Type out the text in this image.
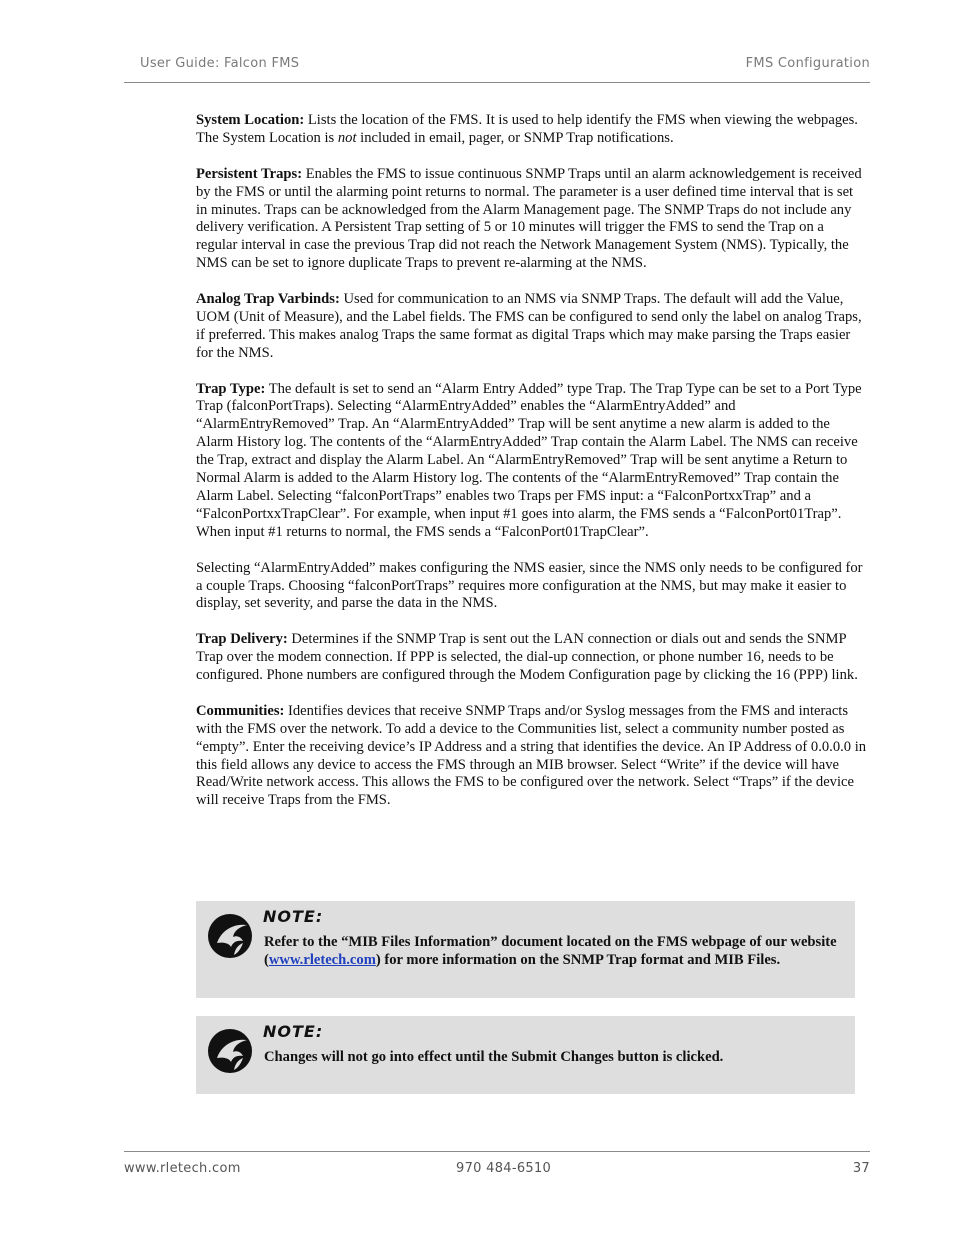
User Guide: Falcon FMS	FMS Configuration

System Location: Lists the location of the FMS. It is used to help identify the FMS when viewing the webpages. The System Location is not included in email, pager, or SNMP Trap notifications.

Persistent Traps: Enables the FMS to issue continuous SNMP Traps until an alarm acknowledgement is received by the FMS or until the alarming point returns to normal. The parameter is a user defined time interval that is set in minutes. Traps can be acknowledged from the Alarm Management page. The SNMP Traps do not include any delivery verification. A Persistent Trap setting of 5 or 10 minutes will trigger the FMS to send the Trap on a regular interval in case the previous Trap did not reach the Network Management System (NMS). Typically, the NMS can be set to ignore duplicate Traps to prevent re-alarming at the NMS.

Analog Trap Varbinds: Used for communication to an NMS via SNMP Traps. The default will add the Value, UOM (Unit of Measure), and the Label fields. The FMS can be configured to send only the label on analog Traps, if preferred. This makes analog Traps the same format as digital Traps which may make parsing the Traps easier for the NMS.

Trap Type: The default is set to send an “Alarm Entry Added” type Trap. The Trap Type can be set to a Port Type Trap (falconPortTraps). Selecting “AlarmEntryAdded” enables the “AlarmEntryAdded” and “AlarmEntryRemoved” Trap. An “AlarmEntryAdded” Trap will be sent anytime a new alarm is added to the Alarm History log. The contents of the “AlarmEntryAdded” Trap contain the Alarm Label. The NMS can receive the Trap, extract and display the Alarm Label. An “AlarmEntryRemoved” Trap will be sent anytime a Return to Normal Alarm is added to the Alarm History log. The contents of the “AlarmEntryRemoved” Trap contain the Alarm Label. Selecting “falconPortTraps” enables two Traps per FMS input: a “FalconPortxxTrap” and a “FalconPortxxTrapClear”. For example, when input #1 goes into alarm, the FMS sends a “FalconPort01Trap”. When input #1 returns to normal, the FMS sends a “FalconPort01TrapClear”.

Selecting “AlarmEntryAdded” makes configuring the NMS easier, since the NMS only needs to be configured for a couple Traps. Choosing “falconPortTraps” requires more configuration at the NMS, but may make it easier to display, set severity, and parse the data in the NMS.

Trap Delivery: Determines if the SNMP Trap is sent out the LAN connection or dials out and sends the SNMP Trap over the modem connection. If PPP is selected, the dial-up connection, or phone number 16, needs to be configured. Phone numbers are configured through the Modem Configuration page by clicking the 16 (PPP) link.

Communities: Identifies devices that receive SNMP Traps and/or Syslog messages from the FMS and interacts with the FMS over the network. To add a device to the Communities list, select a community number posted as “empty”. Enter the receiving device’s IP Address and a string that identifies the device. An IP Address of 0.0.0.0 in this field allows any device to access the FMS through an MIB browser. Select “Write” if the device will have Read/Write network access. This allows the FMS to be configured over the network. Select “Traps” if the device will receive Traps from the FMS.

NOTE:
Refer to the “MIB Files Information” document located on the FMS webpage of our website (www.rletech.com) for more information on the SNMP Trap format and MIB Files.
NOTE:
Changes will not go into effect until the Submit Changes button is clicked.
www.rletech.com	970 484-6510	37
